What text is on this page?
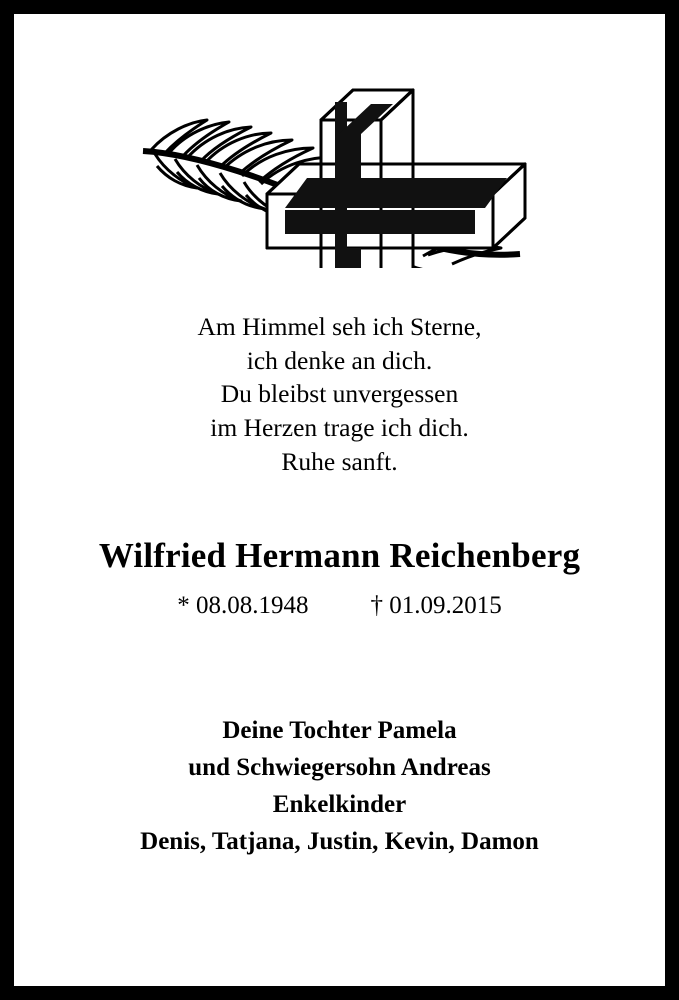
Am Himmel seh ich Sterne,
ich denke an dich.
Du bleibst unvergessen
im Herzen trage ich dich.
Ruhe sanft.
Wilfried Hermann Reichenberg
* 08.08.1948 † 01.09.2015
Deine Tochter Pamela
und Schwiegersohn Andreas
Enkelkinder
Denis, Tatjana, Justin, Kevin, Damon
